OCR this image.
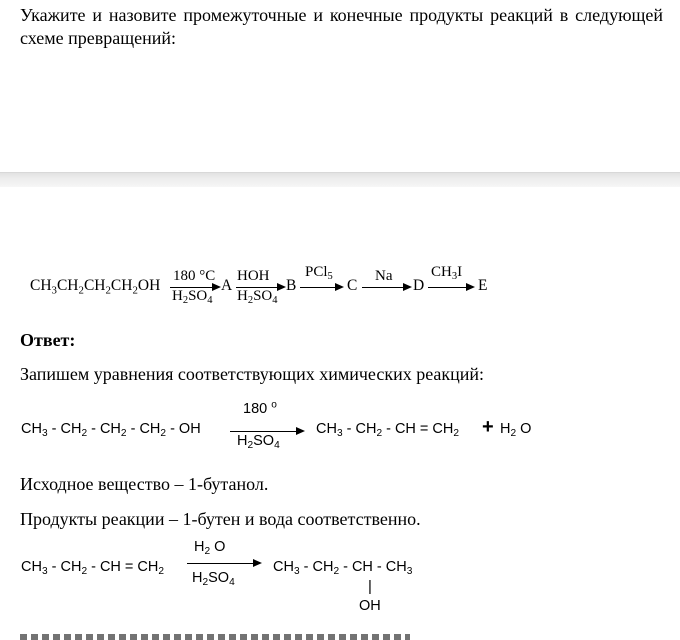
Укажите и назовите промежуточные и конечные продукты реакций в следующей схеме превращений:
$CH_3CH_2CH_2CH_2OH$
180 °C
$H_2SO_4$
A
HOH
$H_2SO_4$
B
PCl$_5$
C
Na
D
$CH_3I$
E
Ответ:
Запишем уравнения соответствующих химических реакций:
$CH_3 - CH_2 - CH_2 - CH_2$ - OH
180 $^o$
$H_2SO_4$
$CH_3 - CH_2$ - CH = $CH_2 + H_2$ O
Исходное вещество – 1-бутанол.
Продукты реакции – 1-бутен и вода соответственно.
$CH_3 - CH_2$ - CH = $CH_2$
$H_2$ O
$H_2SO_4$
$CH_3 - CH_2$ - CH - $CH_3$
|
OH
